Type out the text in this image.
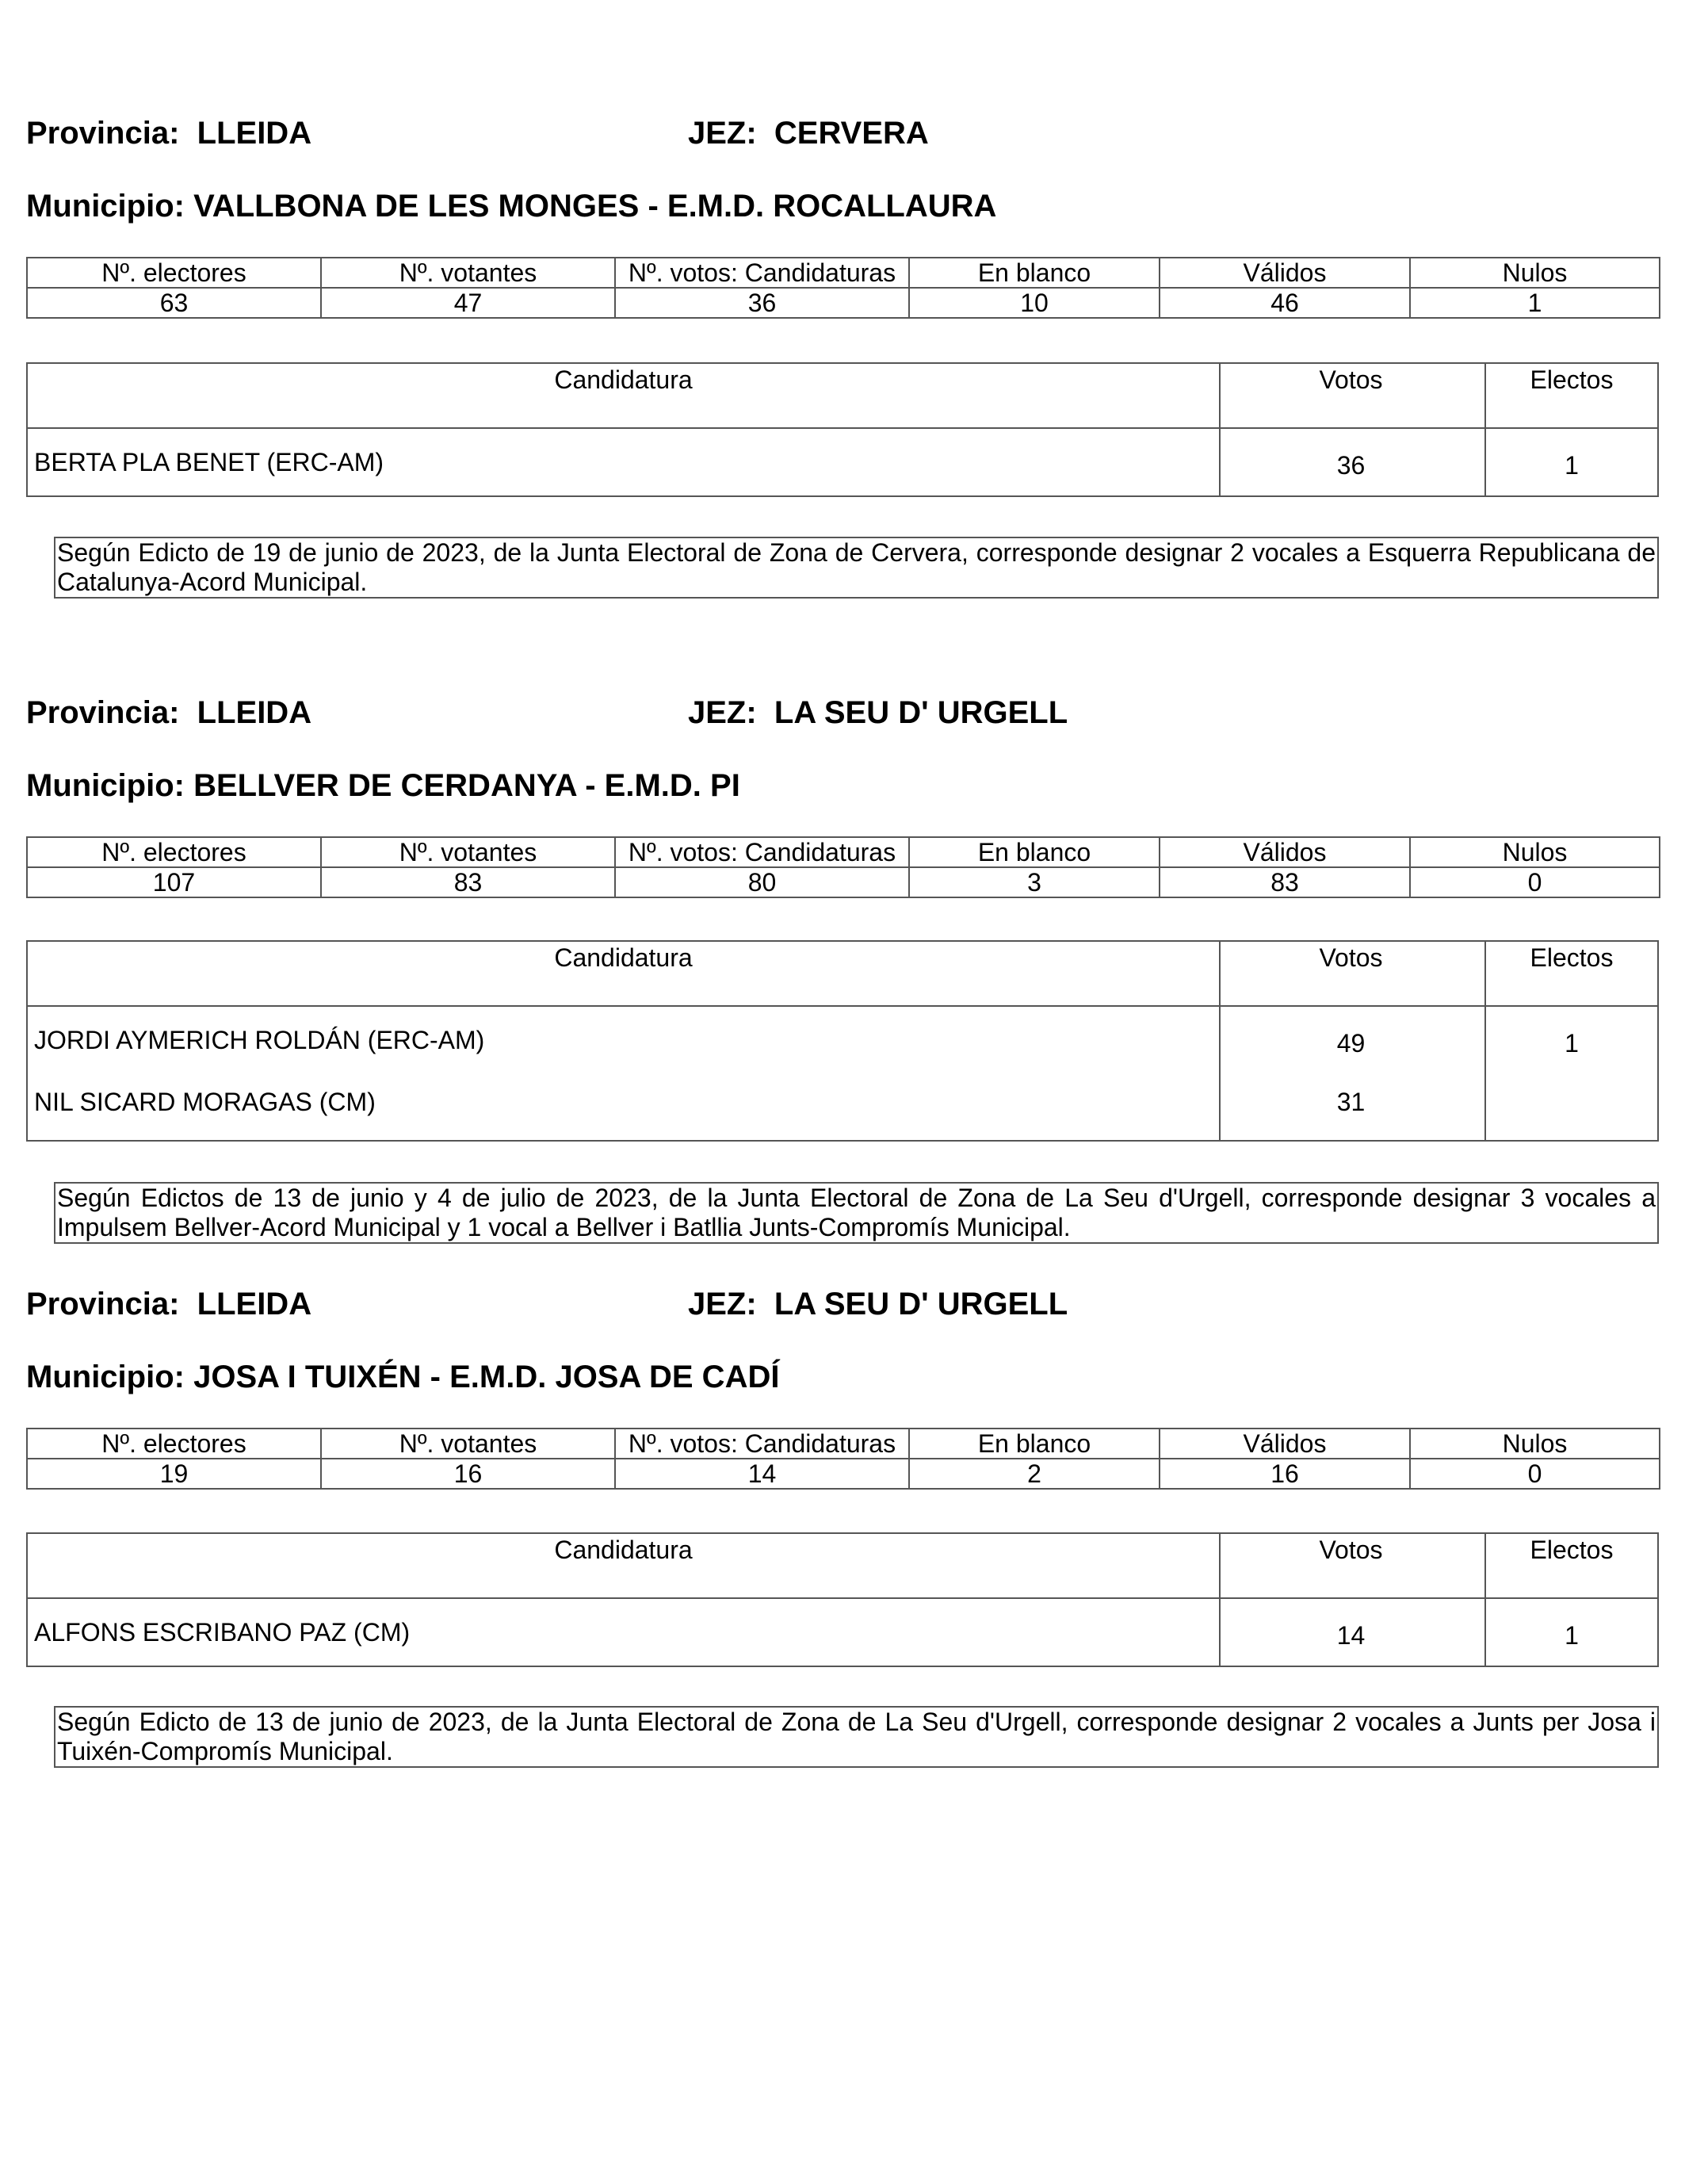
Provincia: LLEIDA	JEZ: CERVERA
Municipio: VALLBONA DE LES MONGES - E.M.D. ROCALLAURA
Nº. electores	Nº. votantes	Nº. votos: Candidaturas	En blanco	Válidos	Nulos
63	47	36	10	46	1
Candidatura	Votos	Electos
BERTA PLA BENET (ERC-AM)	36	1
Según Edicto de 19 de junio de 2023, de la Junta Electoral de Zona de Cervera, corresponde designar 2 vocales a Esquerra Republicana de Catalunya-Acord Municipal.
Provincia: LLEIDA	JEZ: LA SEU D' URGELL
Municipio: BELLVER DE CERDANYA - E.M.D. PI
Nº. electores	Nº. votantes	Nº. votos: Candidaturas	En blanco	Válidos	Nulos
107	83	80	3	83	0
Candidatura	Votos	Electos
JORDI AYMERICH ROLDÁN (ERC-AM)	49	1
NIL SICARD MORAGAS (CM)	31
Según Edictos de 13 de junio y 4 de julio de 2023, de la Junta Electoral de Zona de La Seu d'Urgell, corresponde designar 3 vocales a Impulsem Bellver-Acord Municipal y 1 vocal a Bellver i Batllia Junts-Compromís Municipal.
Provincia: LLEIDA	JEZ: LA SEU D' URGELL
Municipio: JOSA I TUIXÉN - E.M.D. JOSA DE CADÍ
Nº. electores	Nº. votantes	Nº. votos: Candidaturas	En blanco	Válidos	Nulos
19	16	14	2	16	0
Candidatura	Votos	Electos
ALFONS ESCRIBANO PAZ (CM)	14	1
Según Edicto de 13 de junio de 2023, de la Junta Electoral de Zona de La Seu d'Urgell, corresponde designar 2 vocales a Junts per Josa i Tuixén-Compromís Municipal.
